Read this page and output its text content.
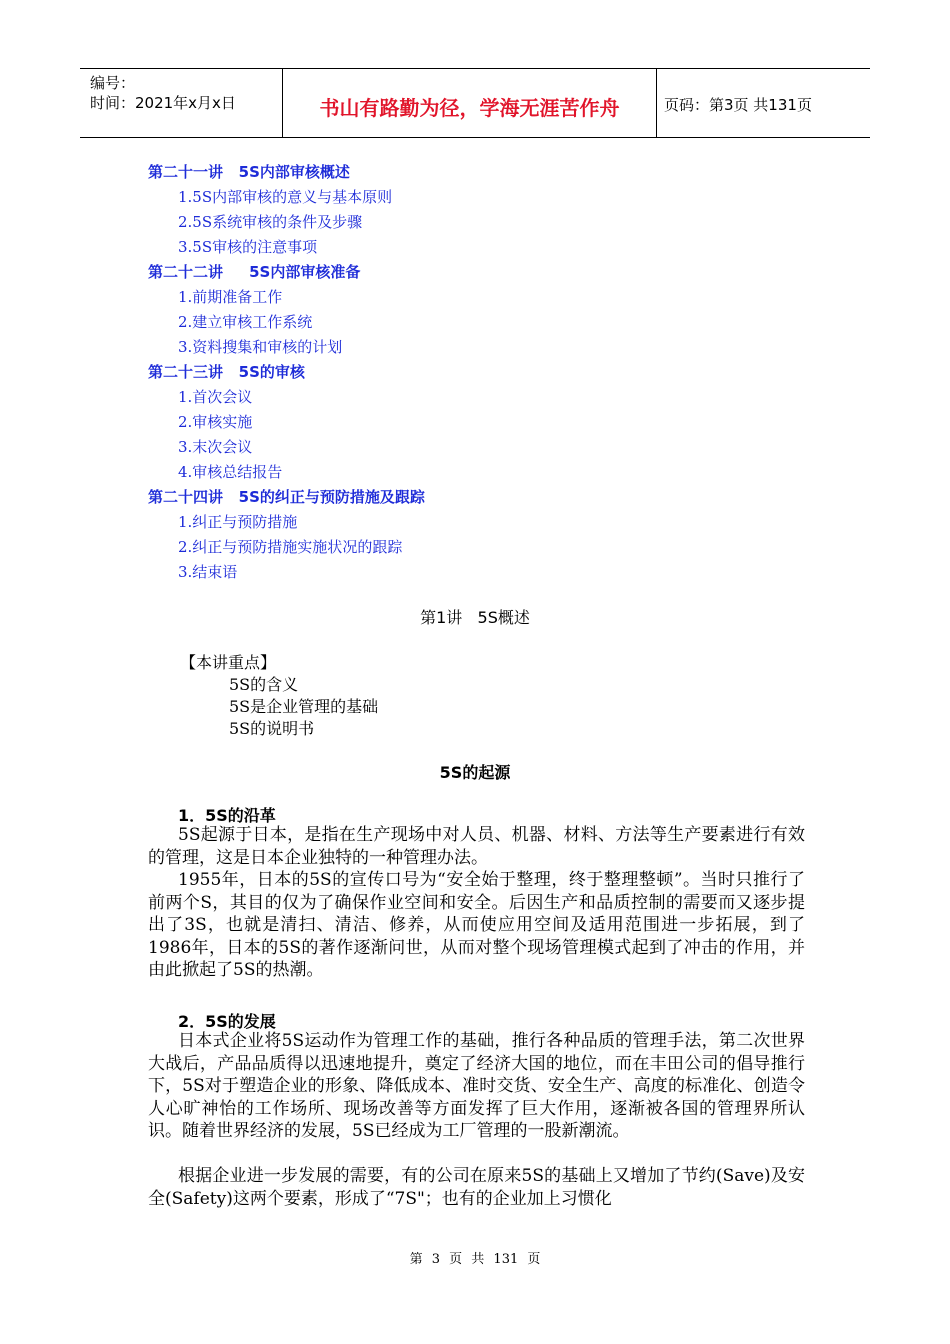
编号：
时间：2021年x月x日	书山有路勤为径，学海无涯苦作舟	页码：第3页 共131页
第二十一讲   5S内部审核概述
1.5S内部审核的意义与基本原则
2.5S系统审核的条件及步骤
3.5S审核的注意事项
第二十二讲     5S内部审核准备
1.前期准备工作
2.建立审核工作系统
3.资料搜集和审核的计划
第二十三讲   5S的审核
1.首次会议
2.审核实施
3.末次会议
4.审核总结报告
第二十四讲   5S的纠正与预防措施及跟踪
1.纠正与预防措施
2.纠正与预防措施实施状况的跟踪
3.结束语
第1讲   5S概述
【本讲重点】
5S的含义
5S是企业管理的基础
5S的说明书
5S的起源
1．5S的沿革
5S起源于日本，是指在生产现场中对人员、机器、材料、方法等生产要素进行有效的管理，这是日本企业独特的一种管理办法。
1955年，日本的5S的宣传口号为“安全始于整理，终于整理整顿”。当时只推行了前两个S，其目的仅为了确保作业空间和安全。后因生产和品质控制的需要而又逐步提出了3S，也就是清扫、清洁、修养，从而使应用空间及适用范围进一步拓展，到了1986年，日本的5S的著作逐渐问世，从而对整个现场管理模式起到了冲击的作用，并由此掀起了5S的热潮。
2．5S的发展
日本式企业将5S运动作为管理工作的基础，推行各种品质的管理手法，第二次世界大战后，产品品质得以迅速地提升，奠定了经济大国的地位，而在丰田公司的倡导推行下，5S对于塑造企业的形象、降低成本、准时交货、安全生产、高度的标准化、创造令人心旷神怡的工作场所、现场改善等方面发挥了巨大作用，逐渐被各国的管理界所认识。随着世界经济的发展，5S已经成为工厂管理的一股新潮流。
根据企业进一步发展的需要，有的公司在原来5S的基础上又增加了节约(Save)及安全(Safety)这两个要素，形成了“7S"；也有的企业加上习惯化
第 3 页 共 131 页
